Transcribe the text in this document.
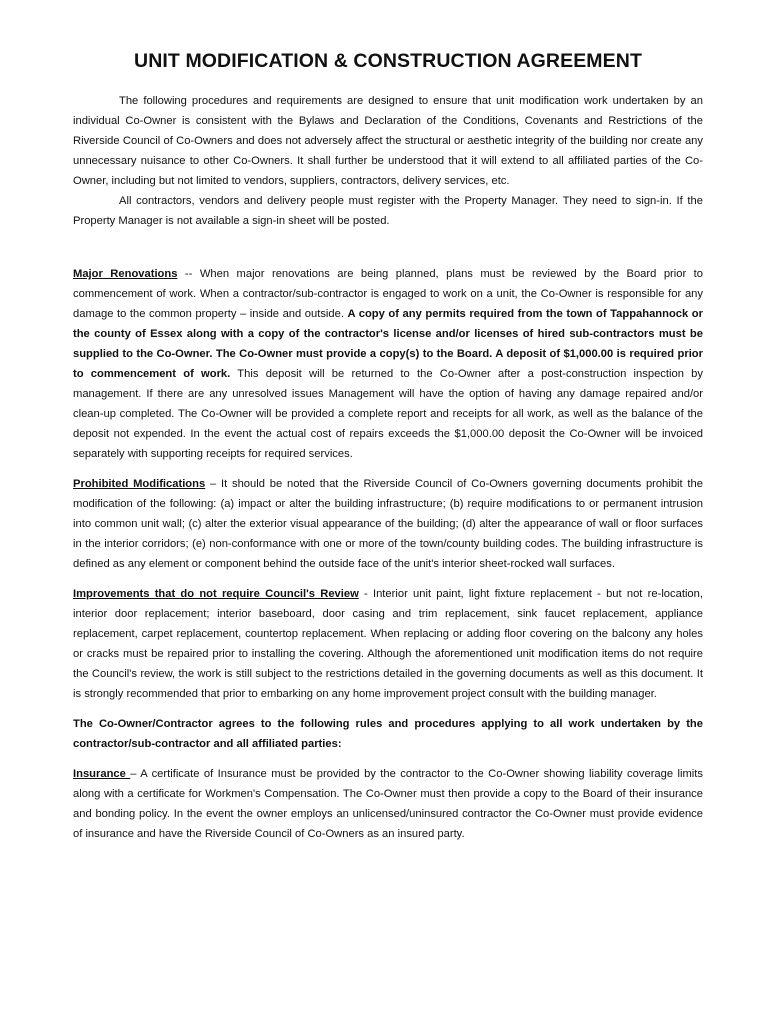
UNIT MODIFICATION & CONSTRUCTION AGREEMENT

The following procedures and requirements are designed to ensure that unit modification work undertaken by an individual Co-Owner is consistent with the Bylaws and Declaration of the Conditions, Covenants and Restrictions of the Riverside Council of Co-Owners and does not adversely affect the structural or aesthetic integrity of the building nor create any unnecessary nuisance to other Co-Owners. It shall further be understood that it will extend to all affiliated parties of the Co-Owner, including but not limited to vendors, suppliers, contractors, delivery services, etc.

All contractors, vendors and delivery people must register with the Property Manager. They need to sign-in. If the Property Manager is not available a sign-in sheet will be posted.

Major Renovations -- When major renovations are being planned, plans must be reviewed by the Board prior to commencement of work. When a contractor/sub-contractor is engaged to work on a unit, the Co-Owner is responsible for any damage to the common property – inside and outside. A copy of any permits required from the town of Tappahannock or the county of Essex along with a copy of the contractor's license and/or licenses of hired sub-contractors must be supplied to the Co-Owner. The Co-Owner must provide a copy(s) to the Board. A deposit of $1,000.00 is required prior to commencement of work. This deposit will be returned to the Co-Owner after a post-construction inspection by management. If there are any unresolved issues Management will have the option of having any damage repaired and/or clean-up completed. The Co-Owner will be provided a complete report and receipts for all work, as well as the balance of the deposit not expended. In the event the actual cost of repairs exceeds the $1,000.00 deposit the Co-Owner will be invoiced separately with supporting receipts for required services.

Prohibited Modifications – It should be noted that the Riverside Council of Co-Owners governing documents prohibit the modification of the following: (a) impact or alter the building infrastructure; (b) require modifications to or permanent intrusion into common unit wall; (c) alter the exterior visual appearance of the building; (d) alter the appearance of wall or floor surfaces in the interior corridors; (e) non-conformance with one or more of the town/county building codes. The building infrastructure is defined as any element or component behind the outside face of the unit's interior sheet-rocked wall surfaces.

Improvements that do not require Council's Review - Interior unit paint, light fixture replacement - but not re-location, interior door replacement; interior baseboard, door casing and trim replacement, sink faucet replacement, appliance replacement, carpet replacement, countertop replacement. When replacing or adding floor covering on the balcony any holes or cracks must be repaired prior to installing the covering. Although the aforementioned unit modification items do not require the Council's review, the work is still subject to the restrictions detailed in the governing documents as well as this document. It is strongly recommended that prior to embarking on any home improvement project consult with the building manager.

The Co-Owner/Contractor agrees to the following rules and procedures applying to all work undertaken by the contractor/sub-contractor and all affiliated parties:

Insurance – A certificate of Insurance must be provided by the contractor to the Co-Owner showing liability coverage limits along with a certificate for Workmen's Compensation. The Co-Owner must then provide a copy to the Board of their insurance and bonding policy. In the event the owner employs an unlicensed/uninsured contractor the Co-Owner must provide evidence of insurance and have the Riverside Council of Co-Owners as an insured party.
